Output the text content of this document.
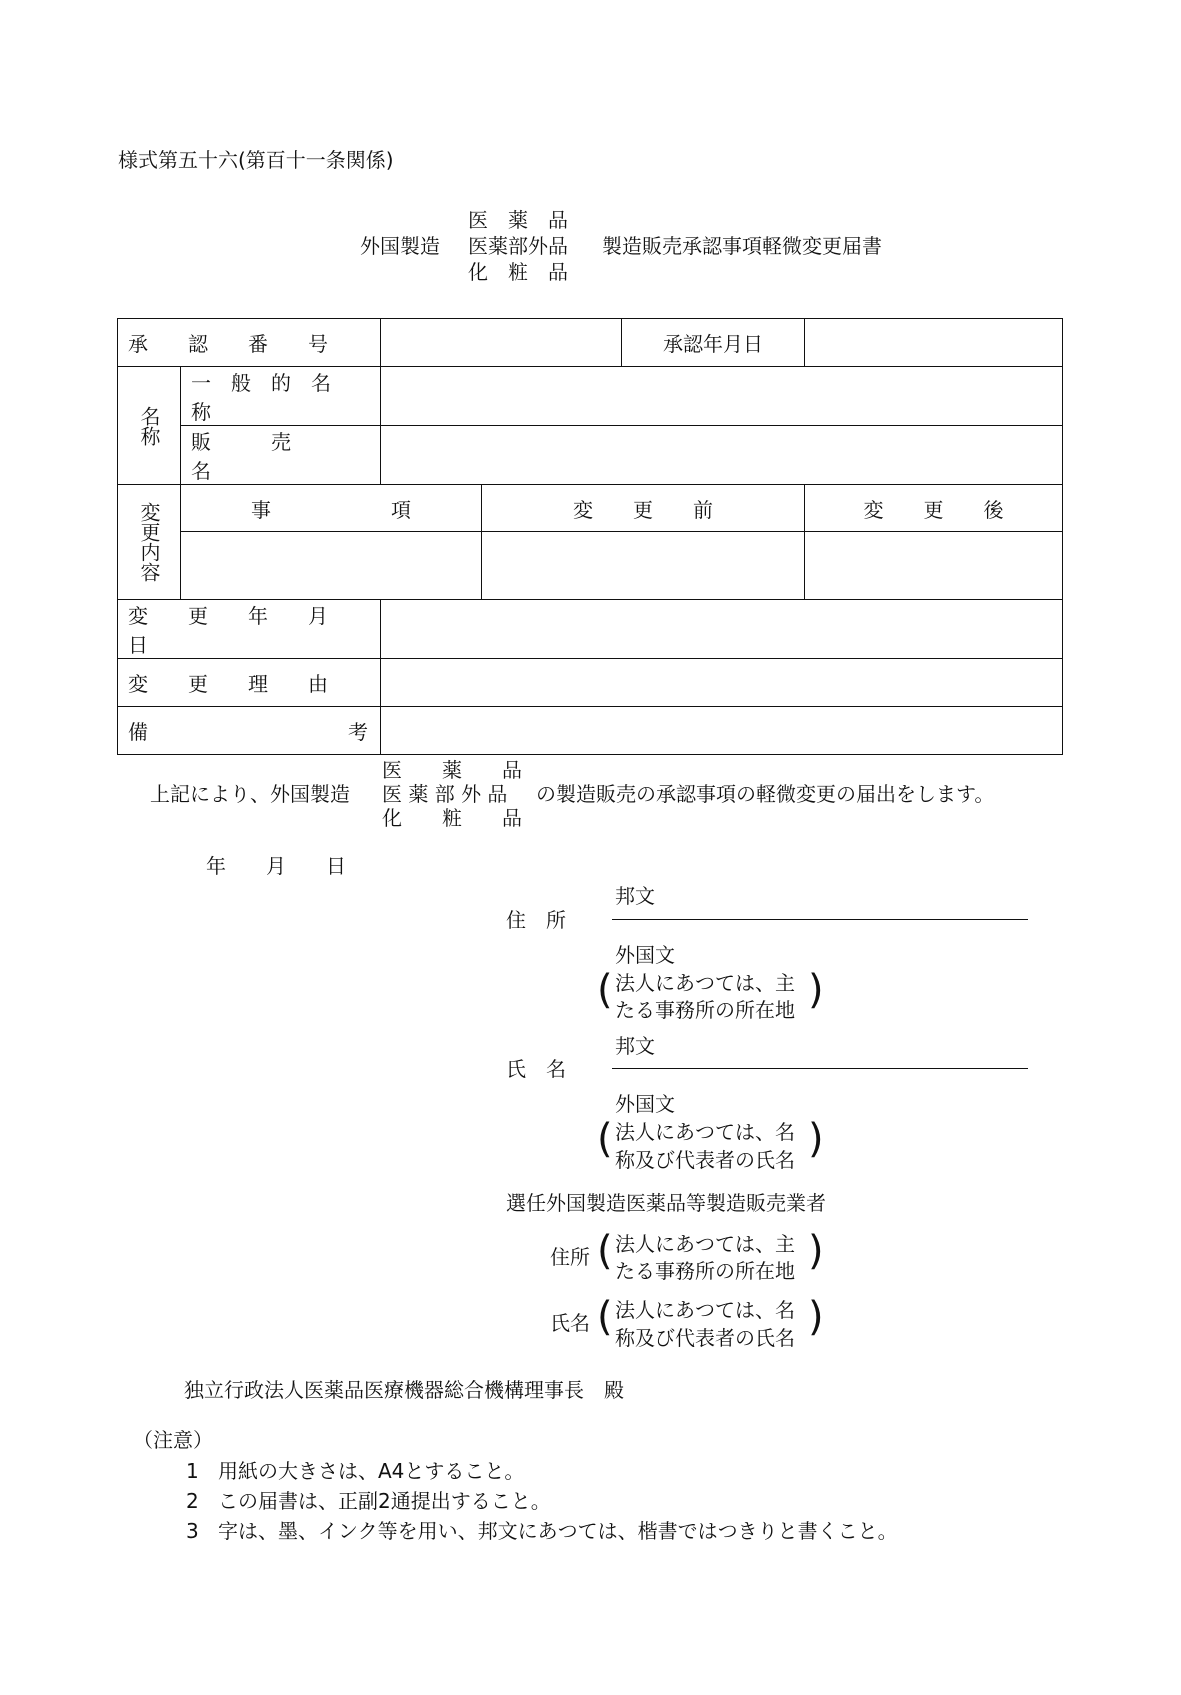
様式第五十六(第百十一条関係)
医　薬　品
外国製造 医薬部外品 製造販売承認事項軽微変更届書
化　粧　品
承　　認　　番　　号				承認年月日	

名称	一　般　的　名　称				
	販　　　売　　　名				

変更内容	事　　　　　　項		変　　更　　前		変　　更　　後

変　　更　　年　　月　　日					
変　　更　　理　　由					
備　　　　　　　　　　考					
医　　薬　　品
上記により、外国製造 医 薬 部 外 品 の製造販売の承認事項の軽微変更の届出をします。
化　　粧　　品
年　　月　　日
住　所
邦文
外国文
( 法人にあつては、主
たる事務所の所在地 )
氏　名
邦文
外国文
( 法人にあつては、名
称及び代表者の氏名 )
選任外国製造医薬品等製造販売業者
住所 ( 法人にあつては、主
たる事務所の所在地 )
氏名 ( 法人にあつては、名
称及び代表者の氏名 )
独立行政法人医薬品医療機器総合機構理事長　殿
（注意）
1 用紙の大きさは、A4とすること。
2 この届書は、正副2通提出すること。
3 字は、墨、インク等を用い、邦文にあつては、楷書ではつきりと書くこと。
